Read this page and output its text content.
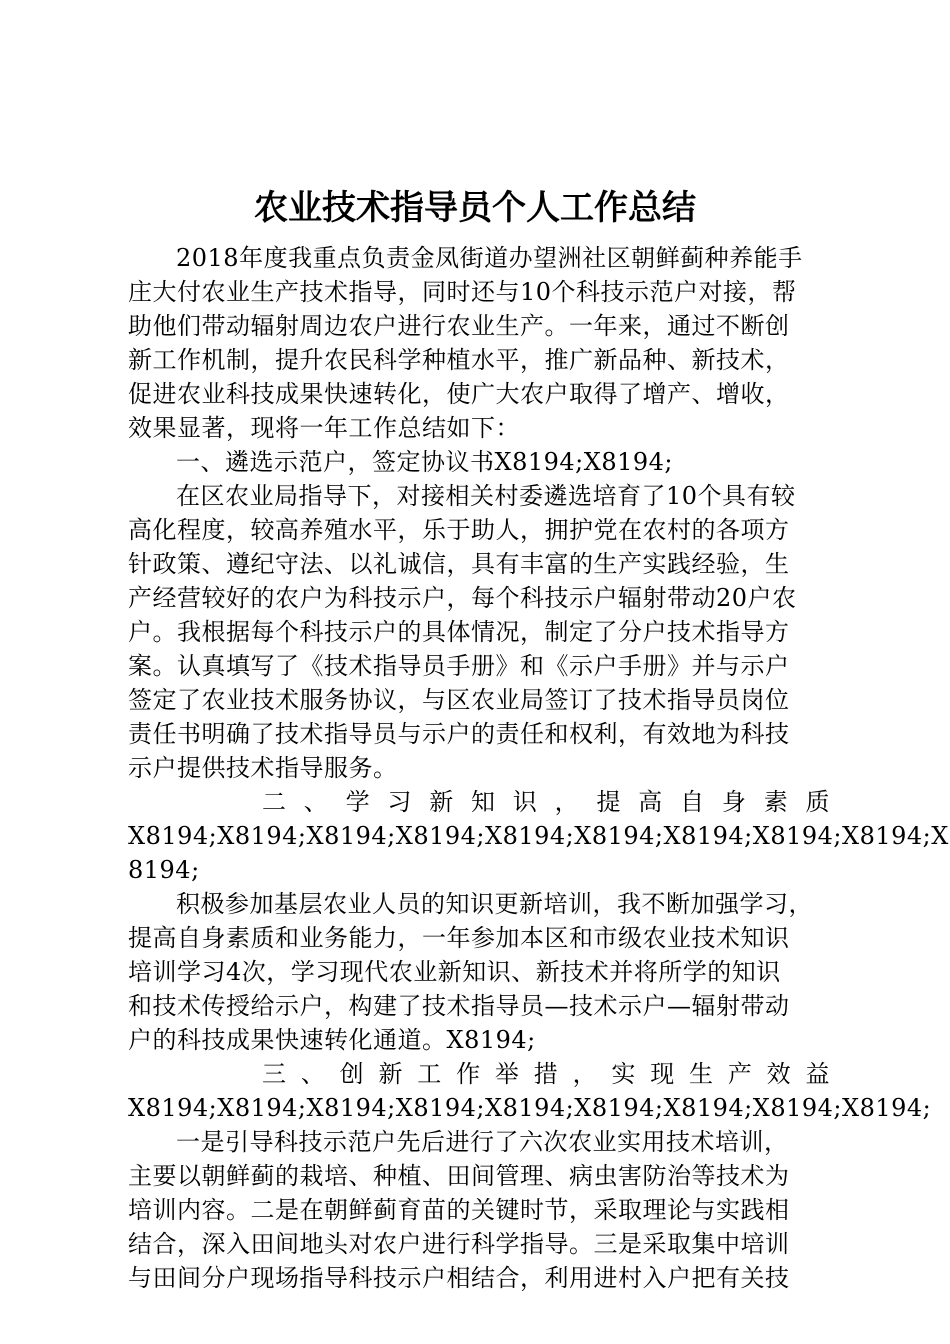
农业技术指导员个人工作总结
2018年度我重点负责金凤街道办望洲社区朝鲜蓟种养能手
庄大付农业生产技术指导，同时还与10个科技示范户对接，帮
助他们带动辐射周边农户进行农业生产。一年来，通过不断创
新工作机制，提升农民科学种植水平，推广新品种、新技术，
促进农业科技成果快速转化，使广大农户取得了增产、增收，
效果显著，现将一年工作总结如下：
一、遴选示范户，签定协议书X8194;X8194;
在区农业局指导下，对接相关村委遴选培育了10个具有较
高化程度，较高养殖水平，乐于助人，拥护党在农村的各项方
针政策、遵纪守法、以礼诚信，具有丰富的生产实践经验，生
产经营较好的农户为科技示户，每个科技示户辐射带动20户农
户。我根据每个科技示户的具体情况，制定了分户技术指导方
案。认真填写了《技术指导员手册》和《示户手册》并与示户
签定了农业技术服务协议，与区农业局签订了技术指导员岗位
责任书明确了技术指导员与示户的责任和权利，有效地为科技
示户提供技术指导服务。
二、学习新知识，提高自身素质
X8194;X8194;X8194;X8194;X8194;X8194;X8194;X8194;X8194;X
8194;
积极参加基层农业人员的知识更新培训，我不断加强学习，
提高自身素质和业务能力，一年参加本区和市级农业技术知识
培训学习4次，学习现代农业新知识、新技术并将所学的知识
和技术传授给示户，构建了技术指导员—技术示户—辐射带动
户的科技成果快速转化通道。X8194;
三、创新工作举措，实现生产效益
X8194;X8194;X8194;X8194;X8194;X8194;X8194;X8194;X8194;
一是引导科技示范户先后进行了六次农业实用技术培训，
主要以朝鲜蓟的栽培、种植、田间管理、病虫害防治等技术为
培训内容。二是在朝鲜蓟育苗的关键时节，采取理论与实践相
结合，深入田间地头对农户进行科学指导。三是采取集中培训
与田间分户现场指导科技示户相结合，利用进村入户把有关技
